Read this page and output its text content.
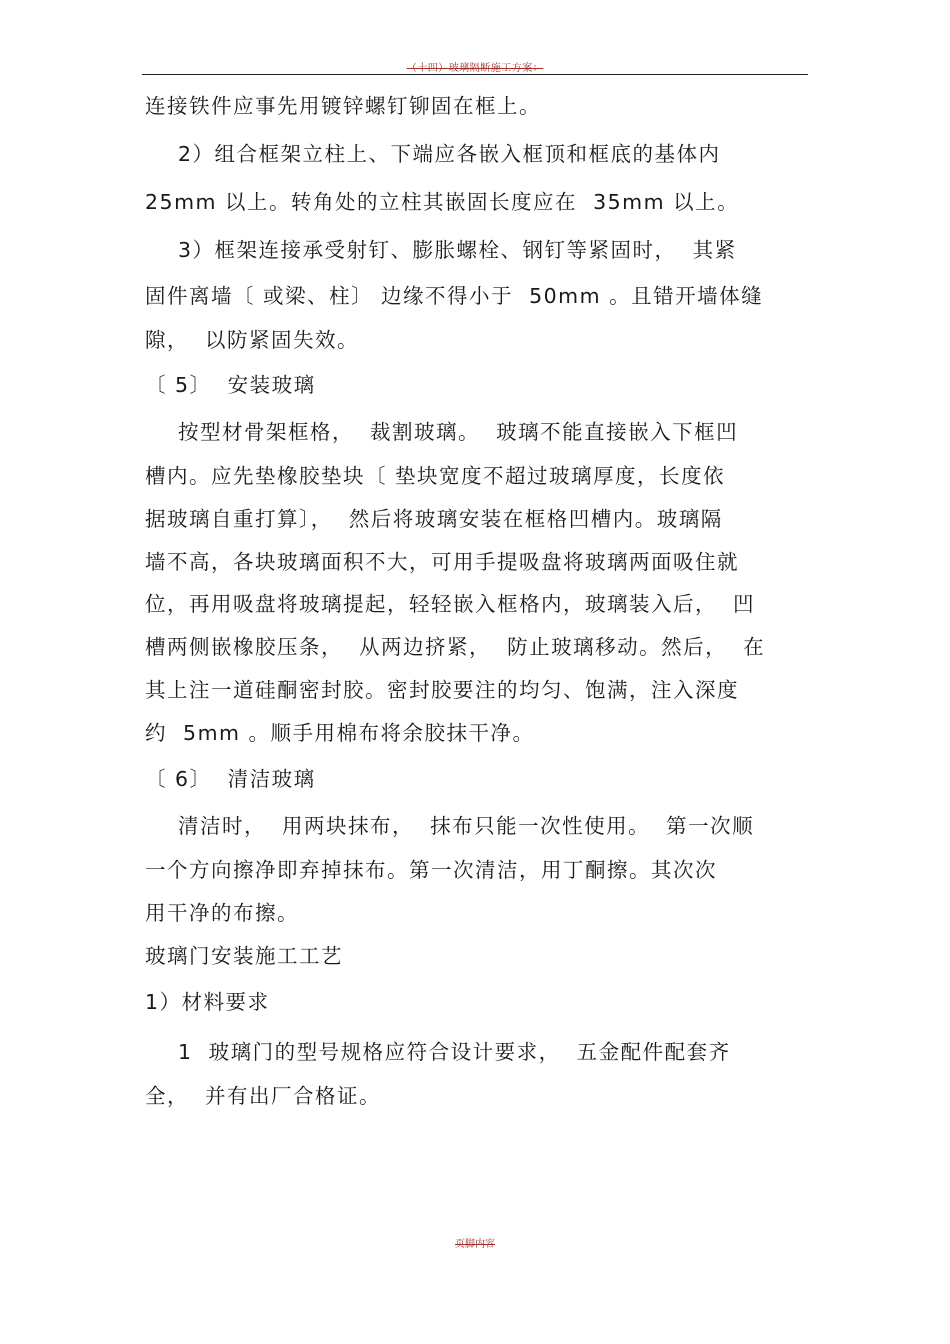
（十四）玻璃隔断施工方案：
连接铁件应事先用镀锌螺钉铆固在框上。
2）组合框架立柱上、下端应各嵌入框顶和框底的基体内
25mm 以上。转角处的立柱其嵌固长度应在  35mm 以上。
3）框架连接承受射钉、膨胀螺栓、钢钉等紧固时，  其紧
固件离墙〔 或梁、柱〕 边缘不得小于  50mm 。且错开墙体缝
隙，  以防紧固失效。
〔 5〕  安装玻璃
按型材骨架框格，  裁割玻璃。  玻璃不能直接嵌入下框凹
槽内。应先垫橡胶垫块〔 垫块宽度不超过玻璃厚度，长度依
据玻璃自重打算〕，  然后将玻璃安装在框格凹槽内。玻璃隔
墙不高，各块玻璃面积不大，可用手提吸盘将玻璃两面吸住就
位，再用吸盘将玻璃提起，轻轻嵌入框格内，玻璃装入后，  凹
槽两侧嵌橡胶压条，  从两边挤紧，  防止玻璃移动。然后，  在
其上注一道硅酮密封胶。密封胶要注的均匀、饱满，注入深度
约  5mm 。顺手用棉布将余胶抹干净。
〔 6〕  清洁玻璃
清洁时，  用两块抹布，  抹布只能一次性使用。  第一次顺
一个方向擦净即弃掉抹布。第一次清洁，用丁酮擦。其次次
用干净的布擦。
玻璃门安装施工工艺
1）材料要求
1  玻璃门的型号规格应符合设计要求，  五金配件配套齐
全，  并有出厂合格证。
页脚内容
